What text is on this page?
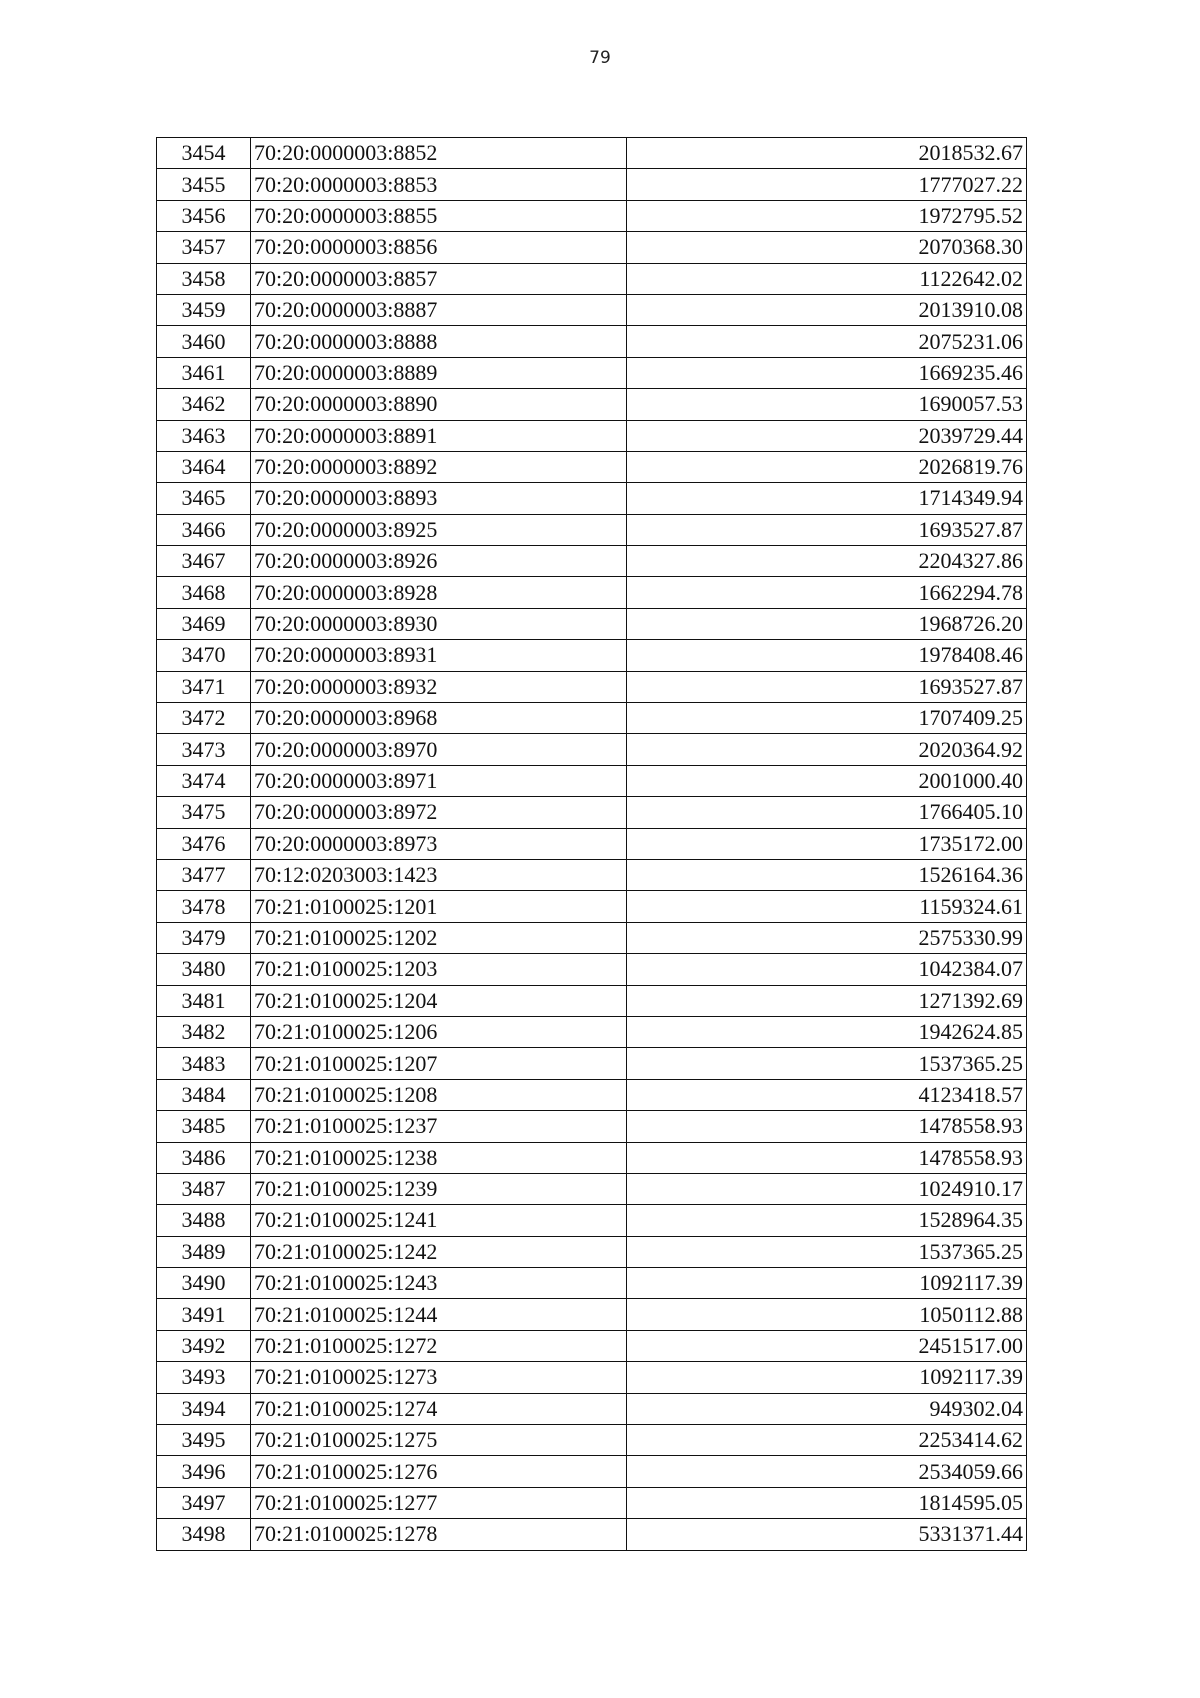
79

3454	70:20:0000003:8852	2018532.67
3455	70:20:0000003:8853	1777027.22
3456	70:20:0000003:8855	1972795.52
3457	70:20:0000003:8856	2070368.30
3458	70:20:0000003:8857	1122642.02
3459	70:20:0000003:8887	2013910.08
3460	70:20:0000003:8888	2075231.06
3461	70:20:0000003:8889	1669235.46
3462	70:20:0000003:8890	1690057.53
3463	70:20:0000003:8891	2039729.44
3464	70:20:0000003:8892	2026819.76
3465	70:20:0000003:8893	1714349.94
3466	70:20:0000003:8925	1693527.87
3467	70:20:0000003:8926	2204327.86
3468	70:20:0000003:8928	1662294.78
3469	70:20:0000003:8930	1968726.20
3470	70:20:0000003:8931	1978408.46
3471	70:20:0000003:8932	1693527.87
3472	70:20:0000003:8968	1707409.25
3473	70:20:0000003:8970	2020364.92
3474	70:20:0000003:8971	2001000.40
3475	70:20:0000003:8972	1766405.10
3476	70:20:0000003:8973	1735172.00
3477	70:12:0203003:1423	1526164.36
3478	70:21:0100025:1201	1159324.61
3479	70:21:0100025:1202	2575330.99
3480	70:21:0100025:1203	1042384.07
3481	70:21:0100025:1204	1271392.69
3482	70:21:0100025:1206	1942624.85
3483	70:21:0100025:1207	1537365.25
3484	70:21:0100025:1208	4123418.57
3485	70:21:0100025:1237	1478558.93
3486	70:21:0100025:1238	1478558.93
3487	70:21:0100025:1239	1024910.17
3488	70:21:0100025:1241	1528964.35
3489	70:21:0100025:1242	1537365.25
3490	70:21:0100025:1243	1092117.39
3491	70:21:0100025:1244	1050112.88
3492	70:21:0100025:1272	2451517.00
3493	70:21:0100025:1273	1092117.39
3494	70:21:0100025:1274	949302.04
3495	70:21:0100025:1275	2253414.62
3496	70:21:0100025:1276	2534059.66
3497	70:21:0100025:1277	1814595.05
3498	70:21:0100025:1278	5331371.44
